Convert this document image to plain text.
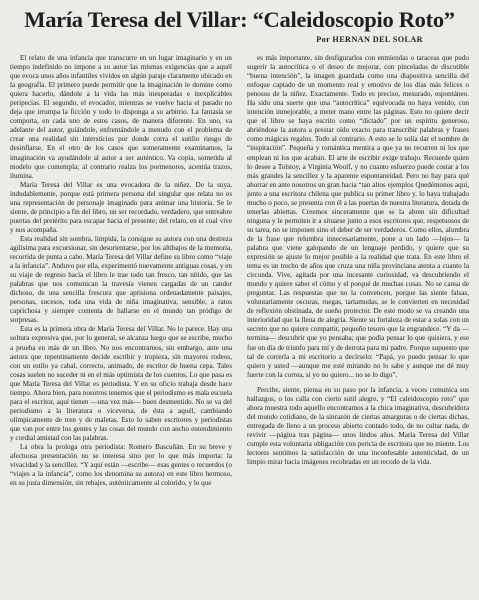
María Teresa del Villar: “Caleidoscopio Roto”
Por HERNAN DEL SOLAR

El relato de una infancia que transcurre en un lugar imaginario y en un tiempo indefinido no impone a su autor las mismas exigencias que a aquél que evoca unos años infantiles vividos en algún paraje claramente ubicado en la geografía. El primero puede permitir que la imaginación le domine como quiera hacerlo, dándole a la vida las más inesperadas e inexplicables peripecias. El segundo, el evocador, mientras se vuelve hacia el pasado no deja que irrumpa la ficción y todo lo disponga a su arbitrio. La fantasía se comporta, en cada uno de estos casos, de manera diferente. En uno, va adelante del autor, guiándole, enfrentándole a menudo con el problema de crear una realidad sin interstícios por donde corra el sutilio riesgo de desinflarse. En el otro de los casos que someramente examinamos, la imaginación va ayudándole al autor a ser auténtico. Va copia, sometida al modelo que contempla; al contrario realza los pormenores, acentúa trazos, ilumina.

María Teresa del Villar es una evocadora de la niñez. De la suya, indudablemente, porque está primera persona del singular que relata no es una representación de personaje imaginado para animar una historia. Se le siente, de principio a fin del libro, un ser recordado, verdadero, que entreabre puertas del pretérito para escapar hacia el presente; del relato, en el cual vive y nos acompaña.

Esta realidad sin sombra, limpida, la consigue su autora con una destreza agilísima para excursionar, sin desorientarse, por los altibajos de la memoria, recorrida de punta a cabo. María Teresa del Villar define su libro como “viaje a la infancia”. Anduvo por ella, experimentó nuevamente antiguas cosas, y en su viaje de regreso hacia el libro le trae todo tan fresco, tan nítido, que las palabras que nos comunican la travesía vienen cargadas de un candor dichoso, de una sencilla frescura que aprisiona ordenadamente paisajes, personas, sucesos, toda una vida de niña imaginativa, sensible, a ratos caprichosa y siempre contenta de hallarse en el mundo tan pródigo de sorpresas.

Esta es la primera obra de María Teresa del Villar. No lo parece. Hay una soltura expresiva que, por lo general, se alcanza luego que se escribe, mucho a prueba en más de un libro. No nos encontramos, sin embargo, ante una autora que repentinamente decide escribir y tropieza, sin mayores rodeos, con un estilo ya cabal, correcto, animado, de escritor de buena cepa. Tales cosas suelen no suceder ni en el más optimista de los cuentos. Lo que pasa es que María Teresa del Villar es periodista. Y en su oficio trabaja desde hace tiempo. Ahora bien, para nosotros tenemos que el periodismo es mala escuela para el escritor, aquí tienen —una vez más— buen desmentido. No se va del periodismo a la literatura o viceversa, de ésta a aquél, cambiando olímpicamente de tren y de maletas. Esto lo saben escritores y periodistas que van por entre los gentes y las cosas del mundo con ancho entendimiento y cordial amistad con las palabras.

La obra la prologa otra periodista: Romero Bascuñán. En su breve y afectuosa presentación no se interesa sino por lo que más importa: la vivacidad y la sencillez. “Y aquí están —escribe— esas gentes o recuerdos (o “viajes a la infancia”, como los denomina su autora) en este libro hermoso, en su justa dimensión, sin rebajes, auténticamente al colorido, y lo que

es más importante, sin desfigurarlos con enmiendas o taraceas que pudo sugerir la autocrítica o el deseo de mejorar, con pinceladas de discutible “buena intención”, la imagen guardada como una diapositiva sencilla del enfoque captado de un momento real y emotivo de los días más felices o penosos de la niñez. Exactamente. Todo es preciso, mesurado, espontáneo. Ha sido una suerte que una “autocrítica” equivocada no haya venido, con intención inmejorable, a meter mano entre las páginas. Esto no quiere decir que el libro se haya escrito como “dictado” por un espíritu generoso, abriéndose la autora a prestar oído exacto para transcribir palabras y frases como mágicas regalos. Todo al contrario. A esto se le solía dar el nombre de “inspiración”. Pequeña y romántica mentira a que ya no recurren ni los que emplean ni los que acaban. El arte de escribir exige trabajo. Recuerde quien lo desee a Tolstoy, a Virginia Woolf, y no cuanto esfuerzo puede costar a los más grandes la sencillez y la aparente espontaneidad. Pero no hay para qué ahorrar en ante nosotros un gran hacia “tan altos ejemplos Quedémonos aquí, junto a una escritora chilena que publica su primer libro y, lo haya trabajado mucho o poco, se presenta con él a las puertas de nuestra literatura, dotada de tenerlas abiertas. Creemos sinceramente que se la abren sin dificultad ninguna y le permiten ir a situarse junto a esos escritores que, respetuosos de su tarea, no se imponen sino el deber de ser verdaderos. Como ellos, alumbra de la frase que relumbra innecesariamente, pone a un lado —lejos— la palabra que viene galopando de un lenguaje perdido, y quiere que su expresión se ajuste lo mejor posible a la realidad que trata. En este libro el tema es un trecho de años que cruza una niña provinciana atenta a cuanto la circunda. Vive, agitada por una incesante curiosidad, va descubriendo el mundo y quiere saber el cómo y el porqué de muchas cosas. No se cansa de preguntar. Las respuestas que no la convencen, porque las siente falsas, voluntariamente oscuras, ruegas, tartamudas, se le convierten en necesidad de reflexión obstinada, de sueño protector. De este modo se va creando una interioridad que la llena de alegría. Siente su fortaleza de estar a solas con un secreto que no quiere compartir, pequeño tesoro que la engrandece. “Y da —termina— descubrir que yo pensaba; que podía pensar lo que quisiera, y ese fue un día de triunfo para mí y de derrota para mi padre. Porque supuesto que tal de correrla a mi escritorio a decírselo: “Papá, yo puedo pensar lo que quiero y usted —aunque me esté mirando no lo sabe y aunque me dé muy fuerte con la correa, si yo no quiero... no se lo digo”.

Percibe, siente, piensa en su paso por la infancia, a veces comunica sus hallazgos, o los calla con cierto sutil alegre, y “El caleidoscopio roto” que ahora muestra todo aquello encontramos a la chica imaginativa, descubridora del mundo cotidiano, de la sinrazón de ciertas amarguras o de ciertas dichas, entregada de lleno a un proceso abierto contado todo, de no cultar nada, de revivir —página tras página— unos lindos años. María Teresa del Villar cumple esta voluntaria obligación con pericia de escritora que no miente. Los lectores sentimos la satisfacción de una inconfesable autenticidad, de un limpio mirar hacia imágenes recobradas en un recodo de la vida.
